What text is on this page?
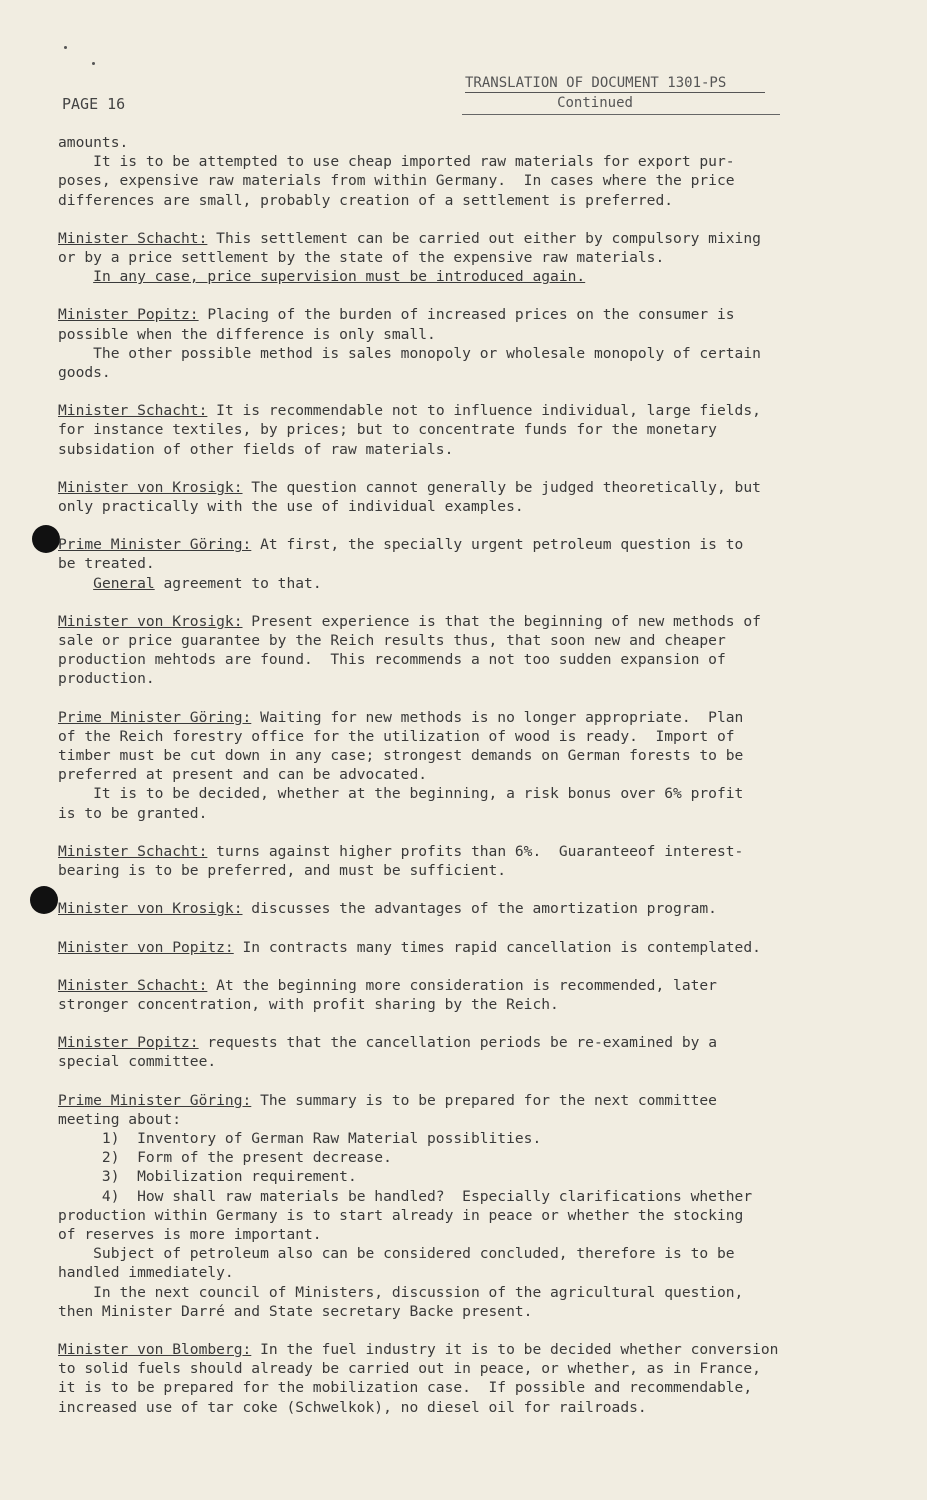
PAGE 16
TRANSLATION OF DOCUMENT 1301-PS
Continued
amounts.
It is to be attempted to use cheap imported raw materials for export pur-
poses, expensive raw materials from within Germany.  In cases where the price
differences are small, probably creation of a settlement is preferred.
Minister Schacht: This settlement can be carried out either by compulsory mixing
or by a price settlement by the state of the expensive raw materials.
In any case, price supervision must be introduced again.
Minister Popitz: Placing of the burden of increased prices on the consumer is
possible when the difference is only small.
The other possible method is sales monopoly or wholesale monopoly of certain
goods.
Minister Schacht: It is recommendable not to influence individual, large fields,
for instance textiles, by prices; but to concentrate funds for the monetary
subsidation of other fields of raw materials.
Minister von Krosigk: The question cannot generally be judged theoretically, but
only practically with the use of individual examples.
Prime Minister Göring: At first, the specially urgent petroleum question is to
be treated.
General agreement to that.
Minister von Krosigk: Present experience is that the beginning of new methods of
sale or price guarantee by the Reich results thus, that soon new and cheaper
production mehtods are found.  This recommends a not too sudden expansion of
production.
Prime Minister Göring: Waiting for new methods is no longer appropriate.  Plan
of the Reich forestry office for the utilization of wood is ready.  Import of
timber must be cut down in any case; strongest demands on German forests to be
preferred at present and can be advocated.
It is to be decided, whether at the beginning, a risk bonus over 6% profit
is to be granted.
Minister Schacht: turns against higher profits than 6%.  Guaranteeof interest-
bearing is to be preferred, and must be sufficient.
Minister von Krosigk: discusses the advantages of the amortization program.
Minister von Popitz: In contracts many times rapid cancellation is contemplated.
Minister Schacht: At the beginning more consideration is recommended, later
stronger concentration, with profit sharing by the Reich.
Minister Popitz: requests that the cancellation periods be re-examined by a
special committee.
Prime Minister Göring: The summary is to be prepared for the next committee
meeting about:
1)  Inventory of German Raw Material possiblities.
2)  Form of the present decrease.
3)  Mobilization requirement.
4)  How shall raw materials be handled?  Especially clarifications whether
production within Germany is to start already in peace or whether the stocking
of reserves is more important.
Subject of petroleum also can be considered concluded, therefore is to be
handled immediately.
In the next council of Ministers, discussion of the agricultural question,
then Minister Darré and State secretary Backe present.
Minister von Blomberg: In the fuel industry it is to be decided whether conversion
to solid fuels should already be carried out in peace, or whether, as in France,
it is to be prepared for the mobilization case.  If possible and recommendable,
increased use of tar coke (Schwelkok), no diesel oil for railroads.
